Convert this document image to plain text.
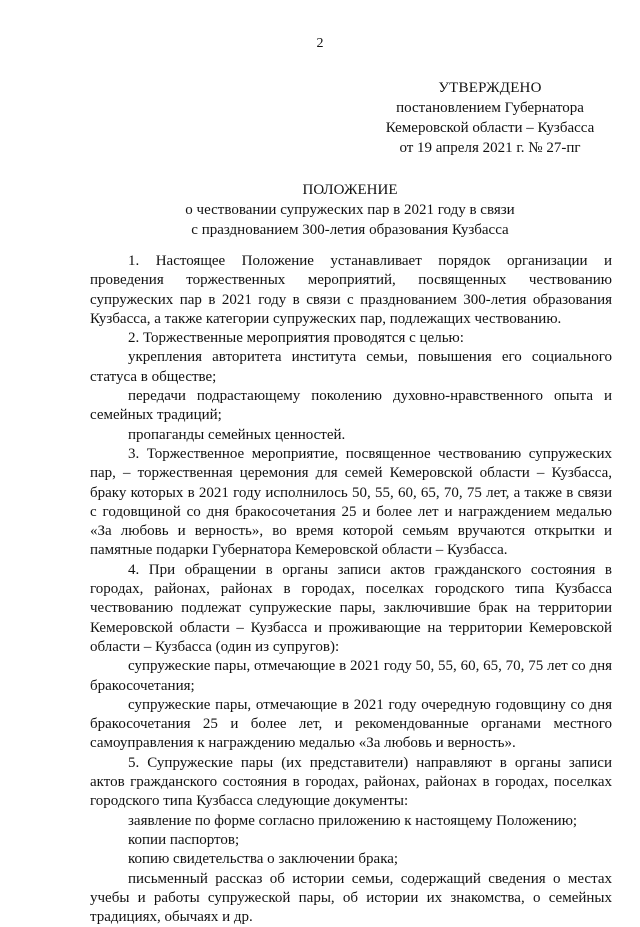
2
УТВЕРЖДЕНО
постановлением Губернатора
Кемеровской области – Кузбасса
от 19 апреля 2021 г. № 27-пг
ПОЛОЖЕНИЕ
о чествовании супружеских пар в 2021 году в связи
с празднованием 300-летия образования Кузбасса

1. Настоящее Положение устанавливает порядок организации и проведения торжественных мероприятий, посвященных чествованию супружеских пар в 2021 году в связи с празднованием 300-летия образования Кузбасса, а также категории супружеских пар, подлежащих чествованию.

2. Торжественные мероприятия проводятся с целью:

укрепления авторитета института семьи, повышения его социального статуса в обществе;

передачи подрастающему поколению духовно-нравственного опыта и семейных традиций;

пропаганды семейных ценностей.

3. Торжественное мероприятие, посвященное чествованию супружеских пар, – торжественная церемония для семей Кемеровской области – Кузбасса, браку которых в 2021 году исполнилось 50, 55, 60, 65, 70, 75 лет, а также в связи с годовщиной со дня бракосочетания 25 и более лет и награждением медалью «За любовь и верность», во время которой семьям вручаются открытки и памятные подарки Губернатора Кемеровской области – Кузбасса.

4. При обращении в органы записи актов гражданского состояния в городах, районах, районах в городах, поселках городского типа Кузбасса чествованию подлежат супружеские пары, заключившие брак на территории Кемеровской области – Кузбасса и проживающие на территории Кемеровской области – Кузбасса (один из супругов):

супружеские пары, отмечающие в 2021 году 50, 55, 60, 65, 70, 75 лет со дня бракосочетания;

супружеские пары, отмечающие в 2021 году очередную годовщину со дня бракосочетания 25 и более лет, и рекомендованные органами местного самоуправления к награждению медалью «За любовь и верность».

5. Супружеские пары (их представители) направляют в органы записи актов гражданского состояния в городах, районах, районах в городах, поселках городского типа Кузбасса следующие документы:

заявление по форме согласно приложению к настоящему Положению;

копии паспортов;

копию свидетельства о заключении брака;

письменный рассказ об истории семьи, содержащий сведения о местах учебы и работы супружеской пары, об истории их знакомства, о семейных традициях, обычаях и др.
